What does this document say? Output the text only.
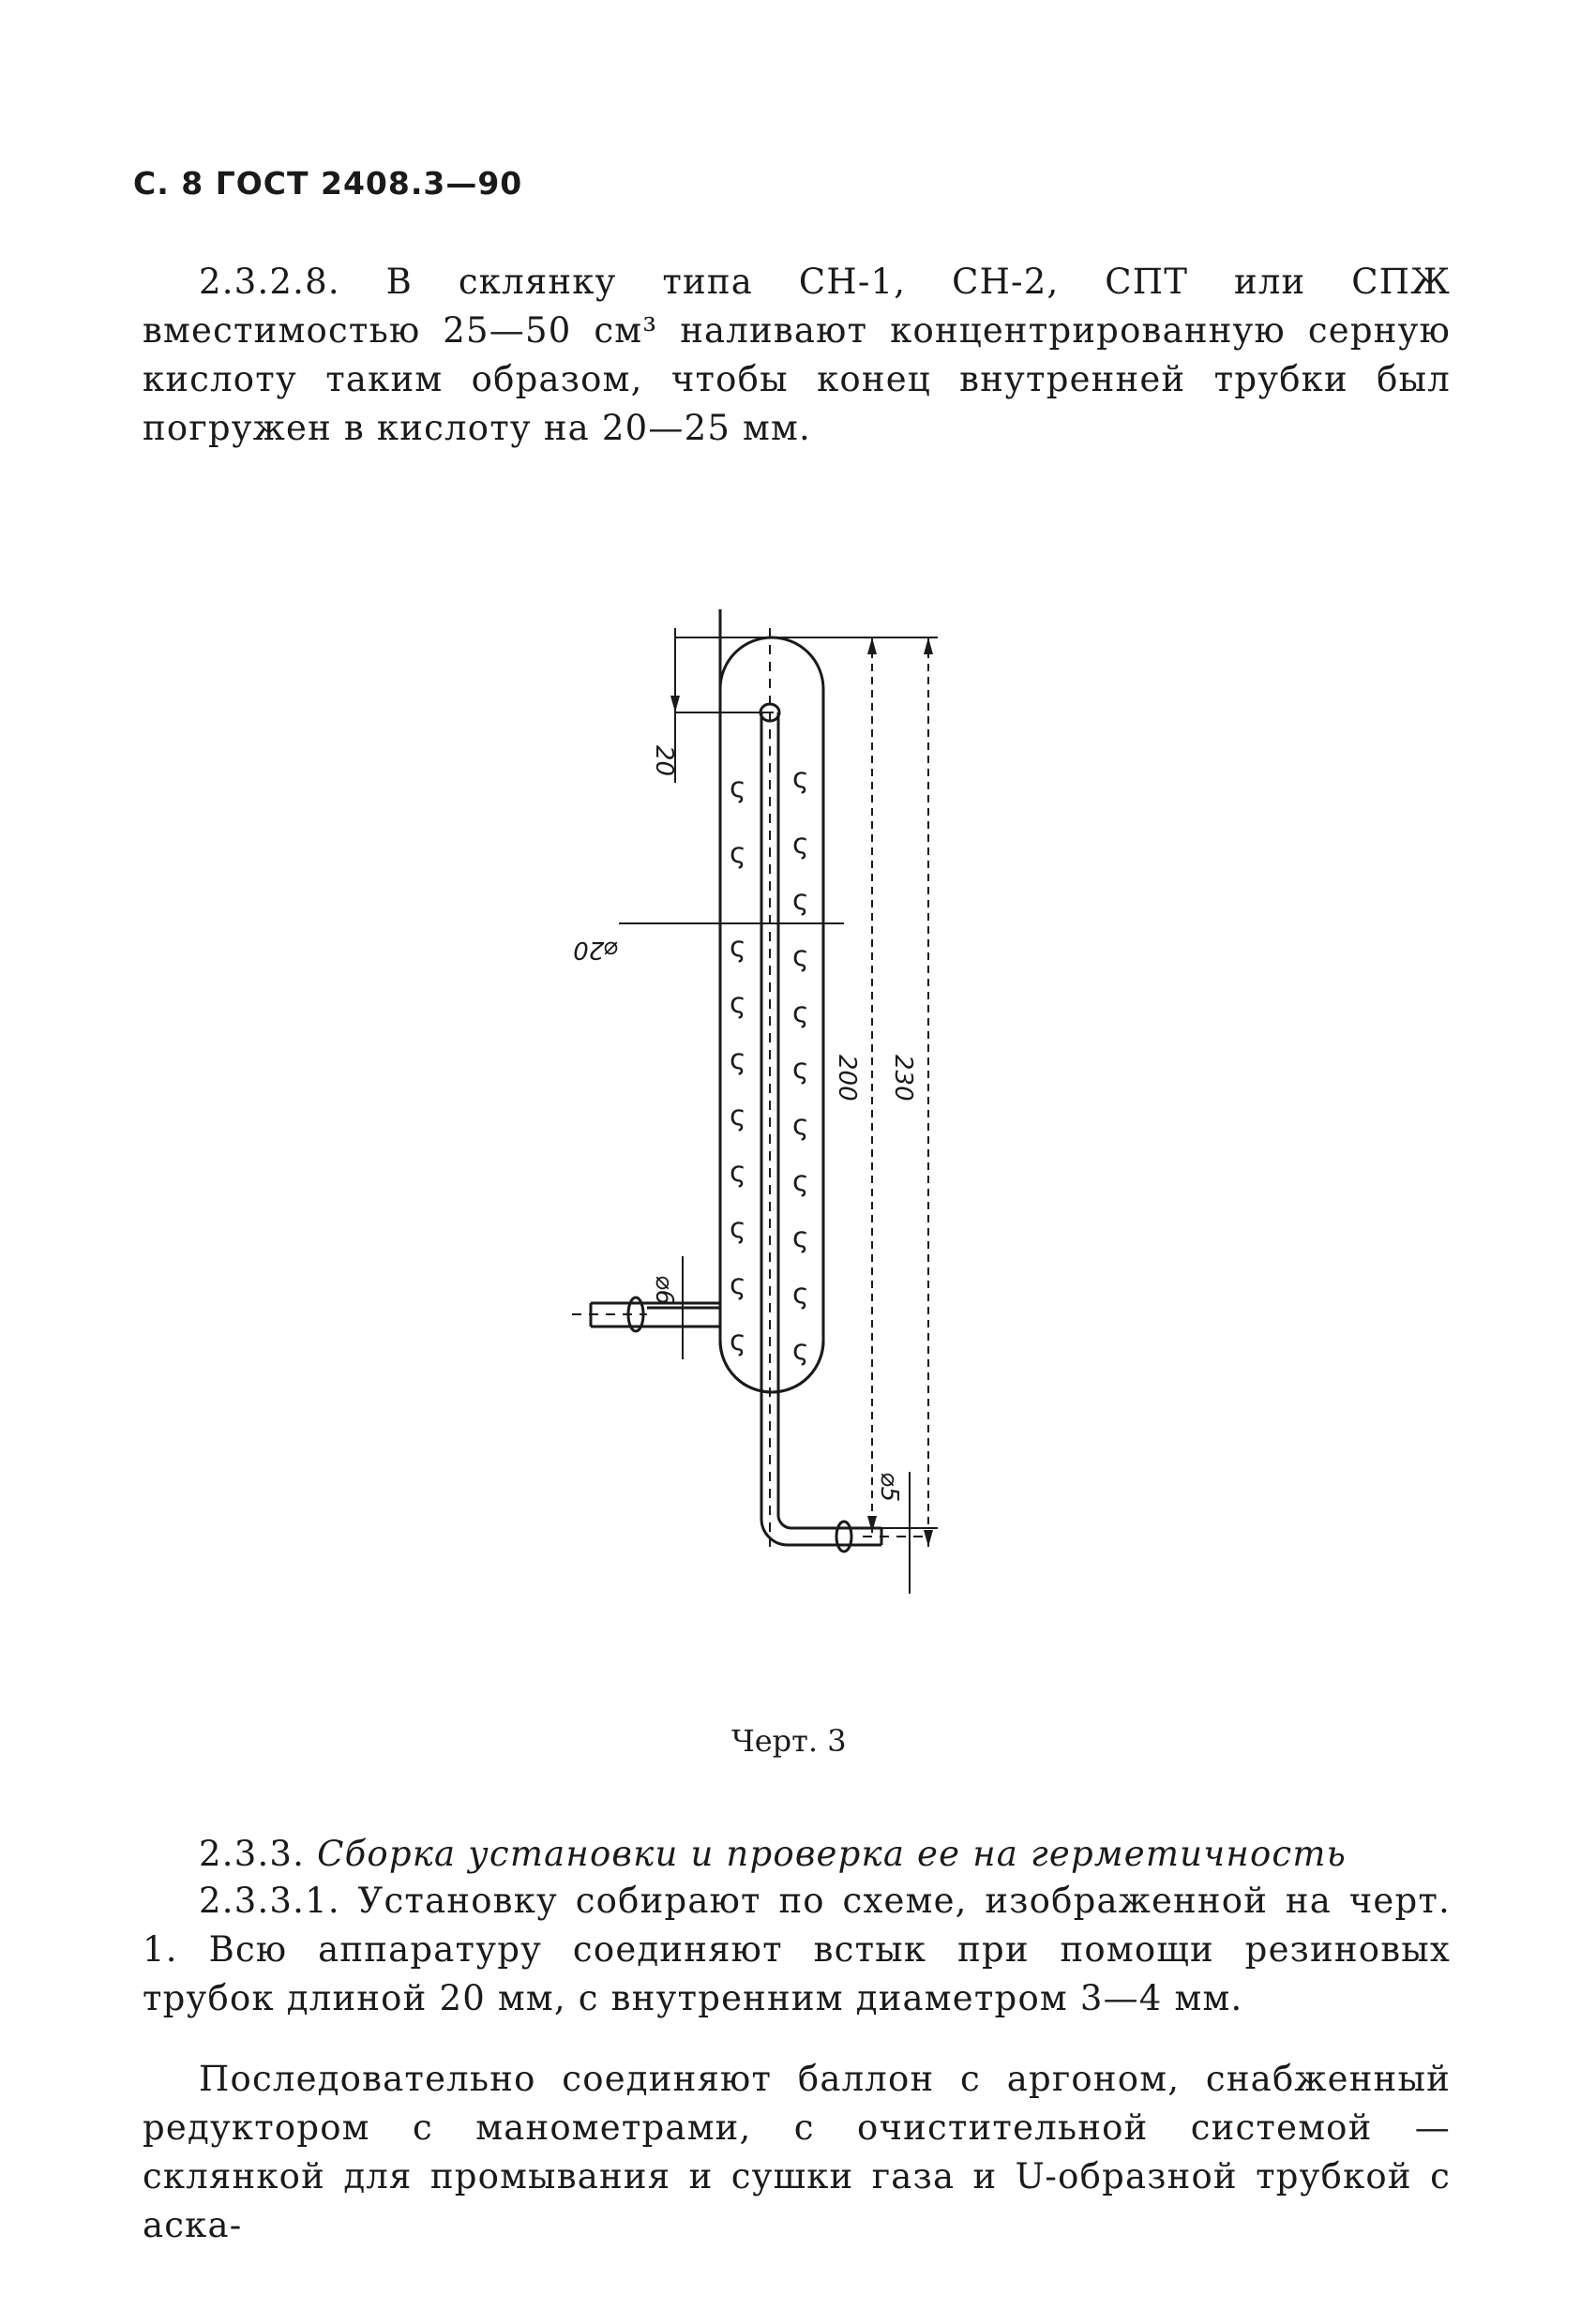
С. 8 ГОСТ 2408.3—90
2.3.2.8. В склянку типа СН-1, СН-2, СПТ или СПЖ вместимостью 25—50 см³ наливают концентрированную серную кислоту таким образом, чтобы конец внутренней трубки был погружен в кислоту на 20—25 мм.
ς ς
ς ς
ς
ς ς
ς ς
ς ς
ς ς
ς ς
ς ς
ς ς
ς ς
20
⌀20
200 230
⌀6
⌀5
Черт. 3
2.3.3. Сборка установки и проверка ее на герметичность
2.3.3.1. Установку собирают по схеме, изображенной на черт. 1. Всю аппаратуру соединяют встык при помощи резиновых трубок длиной 20 мм, с внутренним диаметром 3—4 мм.
Последовательно соединяют баллон с аргоном, снабженный редуктором с манометрами, с очистительной системой — склянкой для промывания и сушки газа и U-образной трубкой с аска-
